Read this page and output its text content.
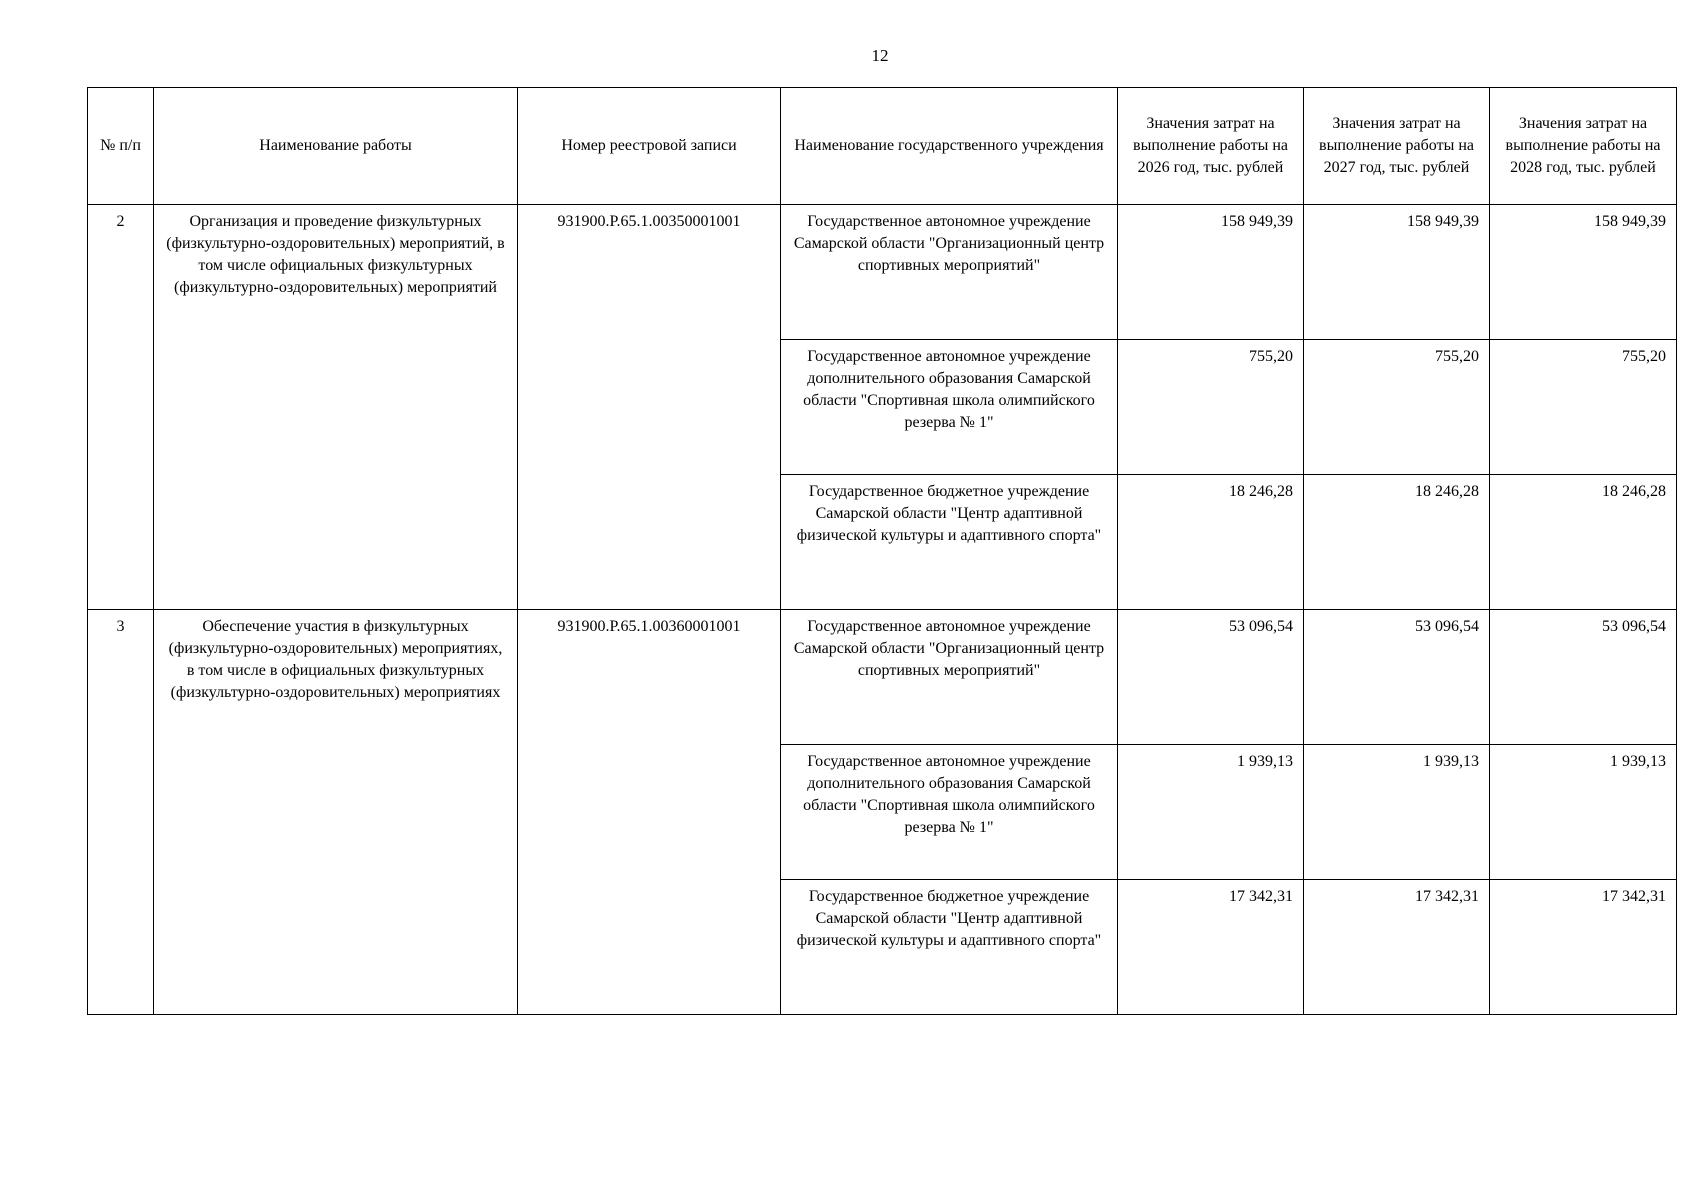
12
№ п/п	Наименование работы	Номер реестровой записи	Наименование государственного учреждения	Значения затрат на выполнение работы на 2026 год, тыс. рублей	Значения затрат на выполнение работы на 2027 год, тыс. рублей	Значения затрат на выполнение работы на 2028 год, тыс. рублей
2	Организация и проведение физкультурных (физкультурно-оздоровительных) мероприятий, в том числе официальных физкультурных (физкультурно-оздоровительных) мероприятий	931900.Р.65.1.00350001001	Государственное автономное учреждение Самарской области "Организационный центр спортивных мероприятий"	158 949,39	158 949,39	158 949,39
			Государственное автономное учреждение дополнительного образования Самарской области "Спортивная школа олимпийского резерва № 1"	755,20	755,20	755,20
			Государственное бюджетное учреждение Самарской области "Центр адаптивной физической культуры и адаптивного спорта"	18 246,28	18 246,28	18 246,28
3	Обеспечение участия в физкультурных (физкультурно-оздоровительных) мероприятиях, в том числе в официальных физкультурных (физкультурно-оздоровительных) мероприятиях	931900.Р.65.1.00360001001	Государственное автономное учреждение Самарской области "Организационный центр спортивных мероприятий"	53 096,54	53 096,54	53 096,54
			Государственное автономное учреждение дополнительного образования Самарской области "Спортивная школа олимпийского резерва № 1"	1 939,13	1 939,13	1 939,13
			Государственное бюджетное учреждение Самарской области "Центр адаптивной физической культуры и адаптивного спорта"	17 342,31	17 342,31	17 342,31
